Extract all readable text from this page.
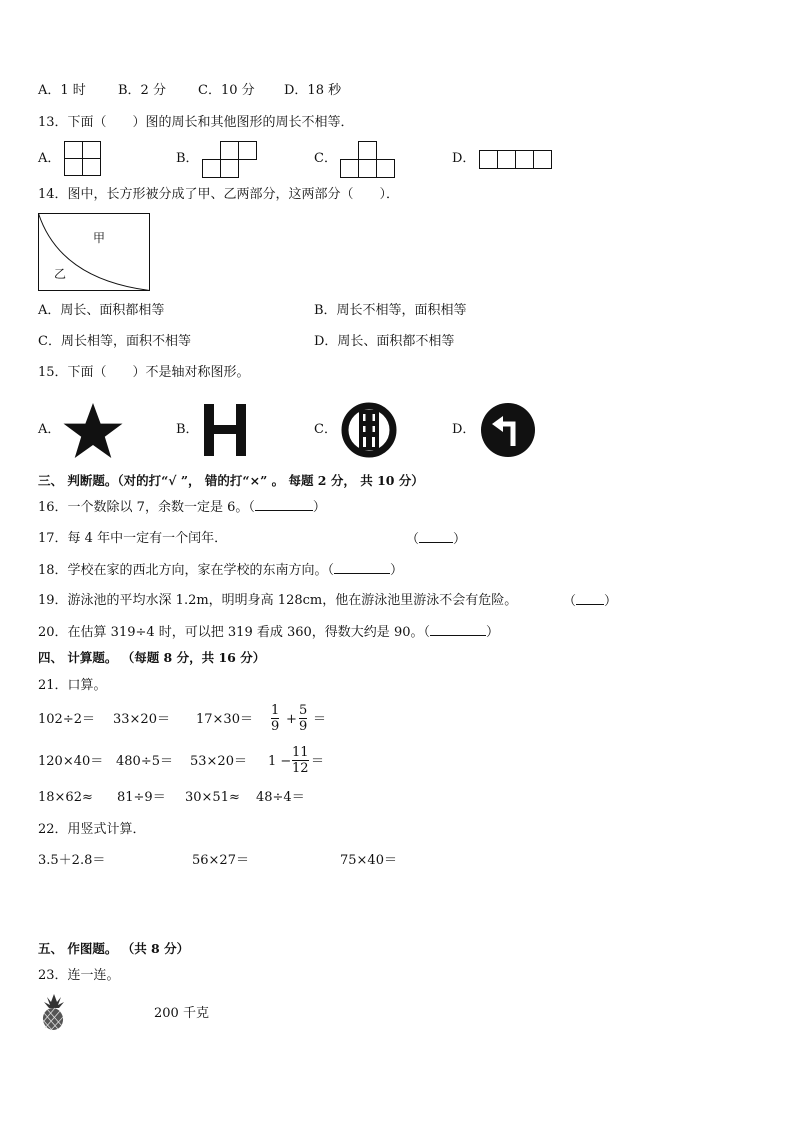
A．1 时 B．2 分 C．10 分 D．18 秒
13．下面（　　）图的周长和其他图形的周长不相等．
A．	B．	C．	D．
14．图中，长方形被分成了甲、乙两部分，这两部分（　　）．
甲
乙
A．周长、面积都相等	B．周长不相等，面积相等
C．周长相等，面积不相等	D．周长、面积都不相等
15．下面（　　）不是轴对称图形。
A．	B．	C．	D．
三、 判断题。（对的打“√ ”， 错的打“×” 。 每题 2 分， 共 10 分）
16．一个数除以 7，余数一定是 6。（	）
17．每 4 年中一定有一个闰年．	（	）
18．学校在家的西北方向，家在学校的东南方向。（	）
19．游泳池的平均水深 1.2m，明明身高 128cm，他在游泳池里游泳不会有危险。	（ ）
20．在估算 319÷4 时，可以把 319 看成 360，得数大约是 90。（	）
四、 计算题。 （每题 8 分，共 16 分）
21．口算。
102÷2＝ 33×20＝ 17×30＝
1
9 +
5
9 ＝
120×40＝ 480÷5＝ 53×20＝ 1 −
11
12 ＝
18×62≈ 81÷9＝ 30×51≈ 48÷4＝
22．用竖式计算．
3.5＋2.8＝	56×27＝	75×40＝
五、 作图题。 （共 8 分）
23．连一连。
200 千克
